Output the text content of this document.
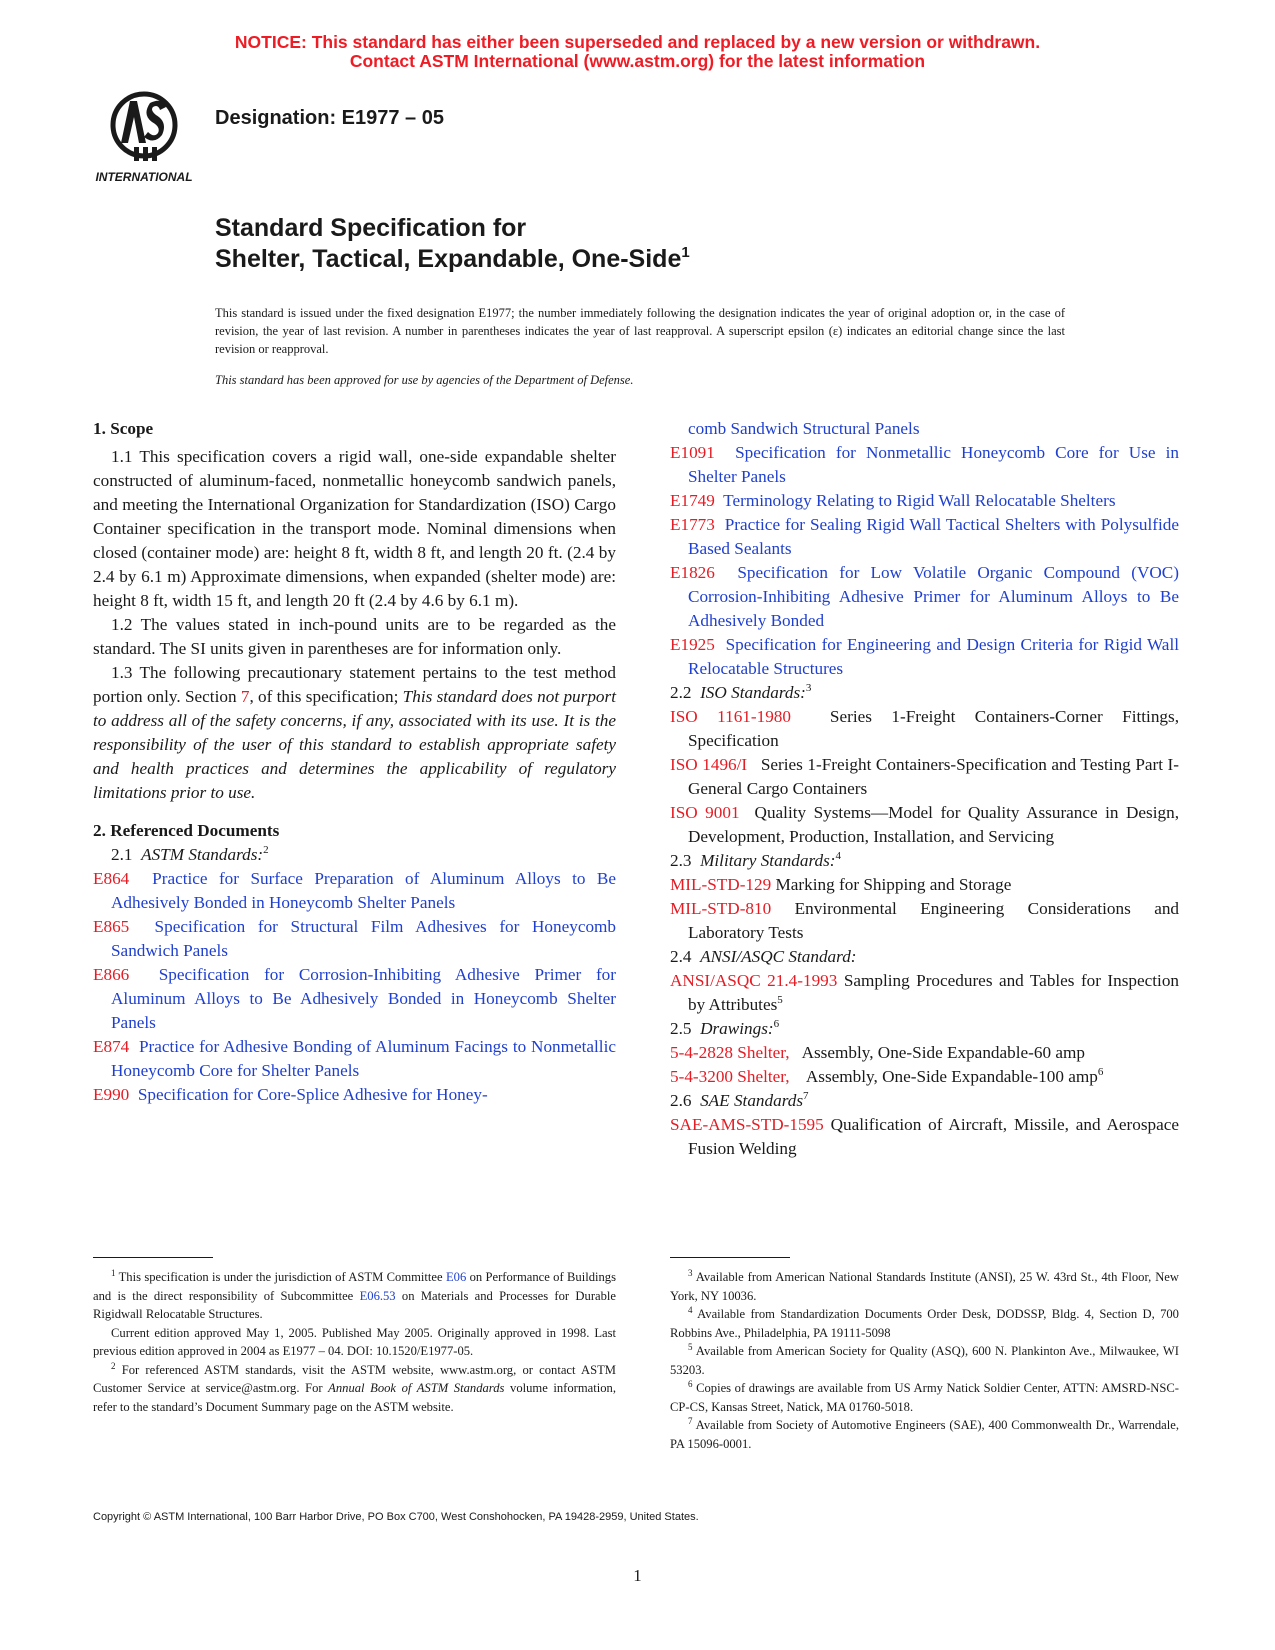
NOTICE: This standard has either been superseded and replaced by a new version or withdrawn.
Contact ASTM International (www.astm.org) for the latest information
INTERNATIONAL
Designation: E1977 – 05
Standard Specification for
Shelter, Tactical, Expandable, One-Side$^1$
This standard is issued under the fixed designation E1977; the number immediately following the designation indicates the year of original adoption or, in the case of revision, the year of last revision. A number in parentheses indicates the year of last reapproval. A superscript epsilon (ε) indicates an editorial change since the last revision or reapproval.
This standard has been approved for use by agencies of the Department of Defense.

1. Scope

1.1 This specification covers a rigid wall, one-side expandable shelter constructed of aluminum-faced, nonmetallic honeycomb sandwich panels, and meeting the International Organization for Standardization (ISO) Cargo Container specification in the transport mode. Nominal dimensions when closed (container mode) are: height 8 ft, width 8 ft, and length 20 ft. (2.4 by 2.4 by 6.1 m) Approximate dimensions, when expanded (shelter mode) are: height 8 ft, width 15 ft, and length 20 ft (2.4 by 4.6 by 6.1 m).

1.2 The values stated in inch-pound units are to be regarded as the standard. The SI units given in parentheses are for information only.

1.3 The following precautionary statement pertains to the test method portion only. Section 7, of this specification; This standard does not purport to address all of the safety concerns, if any, associated with its use. It is the responsibility of the user of this standard to establish appropriate safety and health practices and determines the applicability of regulatory limitations prior to use.

2. Referenced Documents

2.1 ASTM Standards:$^2$

E864 Practice for Surface Preparation of Aluminum Alloys to Be Adhesively Bonded in Honeycomb Shelter Panels

E865 Specification for Structural Film Adhesives for Honeycomb Sandwich Panels

E866 Specification for Corrosion-Inhibiting Adhesive Primer for Aluminum Alloys to Be Adhesively Bonded in Honeycomb Shelter Panels

E874 Practice for Adhesive Bonding of Aluminum Facings to Nonmetallic Honeycomb Core for Shelter Panels

E990 Specification for Core-Splice Adhesive for Honey-

comb Sandwich Structural Panels

E1091 Specification for Nonmetallic Honeycomb Core for Use in Shelter Panels

E1749 Terminology Relating to Rigid Wall Relocatable Shelters

E1773 Practice for Sealing Rigid Wall Tactical Shelters with Polysulfide Based Sealants

E1826 Specification for Low Volatile Organic Compound (VOC) Corrosion-Inhibiting Adhesive Primer for Aluminum Alloys to Be Adhesively Bonded

E1925 Specification for Engineering and Design Criteria for Rigid Wall Relocatable Structures

2.2 ISO Standards:$^3$

ISO 1161-1980 Series 1-Freight Containers-Corner Fittings, Specification

ISO 1496/I Series 1-Freight Containers-Specification and Testing Part I-General Cargo Containers

ISO 9001 Quality Systems—Model for Quality Assurance in Design, Development, Production, Installation, and Servicing

2.3 Military Standards:$^4$

MIL-STD-129 Marking for Shipping and Storage

MIL-STD-810 Environmental Engineering Considerations and Laboratory Tests

2.4 ANSI/ASQC Standard:

ANSI/ASQC 21.4-1993 Sampling Procedures and Tables for Inspection by Attributes$^5$

2.5 Drawings:$^6$

5-4-2828 Shelter, Assembly, One-Side Expandable-60 amp

5-4-3200 Shelter, Assembly, One-Side Expandable-100 amp$^6$

2.6 SAE Standards$^7$

SAE-AMS-STD-1595 Qualification of Aircraft, Missile, and Aerospace Fusion Welding

$^1$ This specification is under the jurisdiction of ASTM Committee E06 on Performance of Buildings and is the direct responsibility of Subcommittee E06.53 on Materials and Processes for Durable Rigidwall Relocatable Structures.

Current edition approved May 1, 2005. Published May 2005. Originally approved in 1998. Last previous edition approved in 2004 as E1977 – 04. DOI: 10.1520/E1977-05.

$^2$ For referenced ASTM standards, visit the ASTM website, www.astm.org, or contact ASTM Customer Service at service@astm.org. For Annual Book of ASTM Standards volume information, refer to the standard’s Document Summary page on the ASTM website.

$^3$ Available from American National Standards Institute (ANSI), 25 W. 43rd St., 4th Floor, New York, NY 10036.

$^4$ Available from Standardization Documents Order Desk, DODSSP, Bldg. 4, Section D, 700 Robbins Ave., Philadelphia, PA 19111-5098

$^5$ Available from American Society for Quality (ASQ), 600 N. Plankinton Ave., Milwaukee, WI 53203.

$^6$ Copies of drawings are available from US Army Natick Soldier Center, ATTN: AMSRD-NSC-CP-CS, Kansas Street, Natick, MA 01760-5018.

$^7$ Available from Society of Automotive Engineers (SAE), 400 Commonwealth Dr., Warrendale, PA 15096-0001.

Copyright © ASTM International, 100 Barr Harbor Drive, PO Box C700, West Conshohocken, PA 19428-2959, United States.
1
